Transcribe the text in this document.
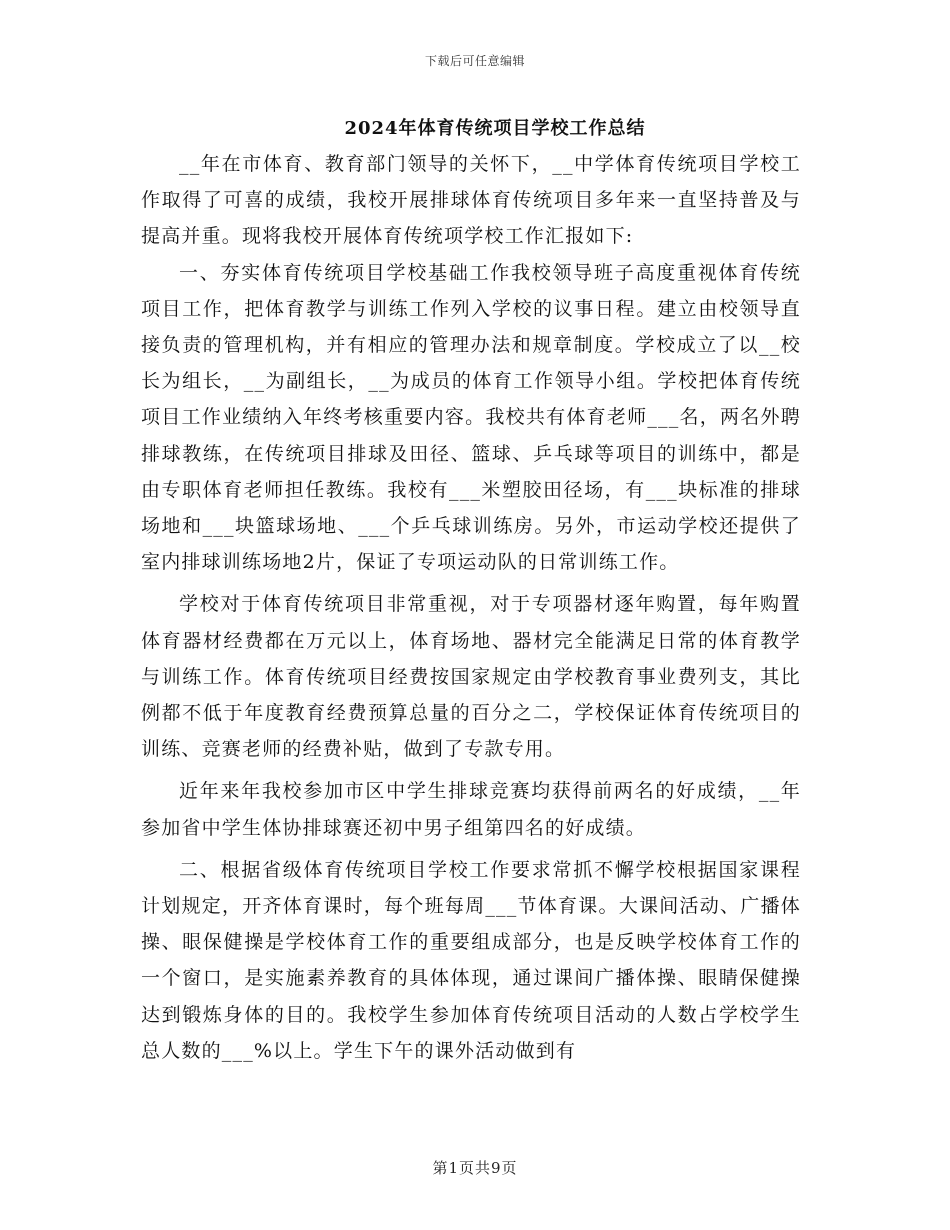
下载后可任意编辑
2024年体育传统项目学校工作总结

__年在市体育、教育部门领导的关怀下，__中学体育传统项目学校工作取得了可喜的成绩，我校开展排球体育传统项目多年来一直坚持普及与提高并重。现将我校开展体育传统项学校工作汇报如下:

一、夯实体育传统项目学校基础工作我校领导班子高度重视体育传统项目工作，把体育教学与训练工作列入学校的议事日程。建立由校领导直接负责的管理机构，并有相应的管理办法和规章制度。学校成立了以__校长为组长，__为副组长，__为成员的体育工作领导小组。学校把体育传统项目工作业绩纳入年终考核重要内容。我校共有体育老师___名，两名外聘排球教练，在传统项目排球及田径、篮球、乒乓球等项目的训练中，都是由专职体育老师担任教练。我校有___米塑胶田径场，有___块标准的排球场地和___块篮球场地、___个乒乓球训练房。另外，市运动学校还提供了室内排球训练场地2片，保证了专项运动队的日常训练工作。

学校对于体育传统项目非常重视，对于专项器材逐年购置，每年购置体育器材经费都在万元以上，体育场地、器材完全能满足日常的体育教学与训练工作。体育传统项目经费按国家规定由学校教育事业费列支，其比例都不低于年度教育经费预算总量的百分之二，学校保证体育传统项目的训练、竞赛老师的经费补贴，做到了专款专用。

近年来年我校参加市区中学生排球竞赛均获得前两名的好成绩，__年参加省中学生体协排球赛还初中男子组第四名的好成绩。

二、根据省级体育传统项目学校工作要求常抓不懈学校根据国家课程计划规定，开齐体育课时，每个班每周___节体育课。大课间活动、广播体操、眼保健操是学校体育工作的重要组成部分，也是反映学校体育工作的一个窗口，是实施素养教育的具体体现，通过课间广播体操、眼睛保健操达到锻炼身体的目的。我校学生参加体育传统项目活动的人数占学校学生总人数的___%以上。学生下午的课外活动做到有

第1页共9页
